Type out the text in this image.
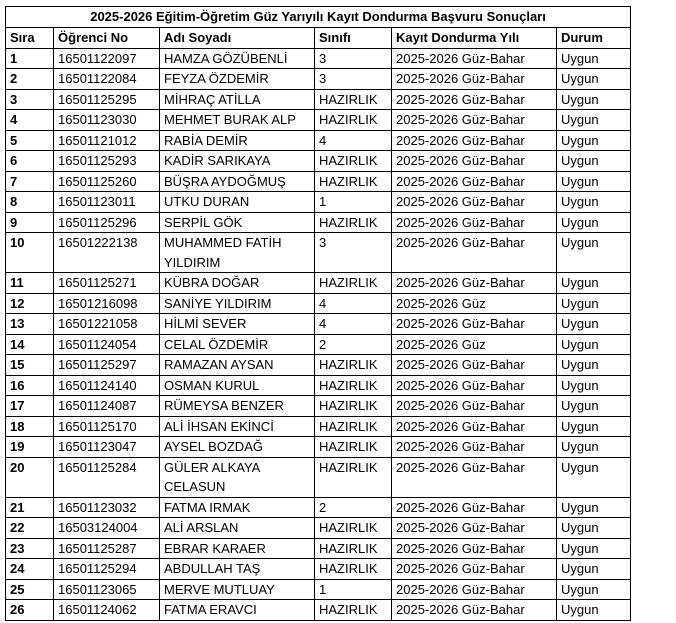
2025-2026 Eğitim-Öğretim Güz Yarıyılı Kayıt Dondurma Başvuru Sonuçları					
Sıra	Öğrenci No	Adı Soyadı	Sınıfı	Kayıt Dondurma Yılı	Durum
1	16501122097	HAMZA GÖZÜBENLİ	3	2025-2026 Güz-Bahar	Uygun
2	16501122084	FEYZA ÖZDEMİR	3	2025-2026 Güz-Bahar	Uygun
3	16501125295	MİHRAÇ ATİLLA	HAZIRLIK	2025-2026 Güz-Bahar	Uygun
4	16501123030	MEHMET BURAK ALP	HAZIRLIK	2025-2026 Güz-Bahar	Uygun
5	16501121012	RABİA DEMİR	4	2025-2026 Güz-Bahar	Uygun
6	16501125293	KADİR SARIKAYA	HAZIRLIK	2025-2026 Güz-Bahar	Uygun
7	16501125260	BÜŞRA AYDOĞMUŞ	HAZIRLIK	2025-2026 Güz-Bahar	Uygun
8	16501123011	UTKU DURAN	1	2025-2026 Güz-Bahar	Uygun
9	16501125296	SERPİL GÖK	HAZIRLIK	2025-2026 Güz-Bahar	Uygun
10	16501222138	MUHAMMED FATİH YILDIRIM	3	2025-2026 Güz-Bahar	Uygun
11	16501125271	KÜBRA DOĞAR	HAZIRLIK	2025-2026 Güz-Bahar	Uygun
12	16501216098	SANİYE YILDIRIM	4	2025-2026 Güz	Uygun
13	16501221058	HİLMİ SEVER	4	2025-2026 Güz-Bahar	Uygun
14	16501124054	CELAL ÖZDEMİR	2	2025-2026 Güz	Uygun
15	16501125297	RAMAZAN AYSAN	HAZIRLIK	2025-2026 Güz-Bahar	Uygun
16	16501124140	OSMAN KURUL	HAZIRLIK	2025-2026 Güz-Bahar	Uygun
17	16501124087	RÜMEYSA BENZER	HAZIRLIK	2025-2026 Güz-Bahar	Uygun
18	16501125170	ALİ İHSAN EKİNCİ	HAZIRLIK	2025-2026 Güz-Bahar	Uygun
19	16501123047	AYSEL BOZDAĞ	HAZIRLIK	2025-2026 Güz-Bahar	Uygun
20	16501125284	GÜLER ALKAYA CELASUN	HAZIRLIK	2025-2026 Güz-Bahar	Uygun
21	16501123032	FATMA IRMAK	2	2025-2026 Güz-Bahar	Uygun
22	16503124004	ALİ ARSLAN	HAZIRLIK	2025-2026 Güz-Bahar	Uygun
23	16501125287	EBRAR KARAER	HAZIRLIK	2025-2026 Güz-Bahar	Uygun
24	16501125294	ABDULLAH TAŞ	HAZIRLIK	2025-2026 Güz-Bahar	Uygun
25	16501123065	MERVE MUTLUAY	1	2025-2026 Güz-Bahar	Uygun
26	16501124062	FATMA ERAVCI	HAZIRLIK	2025-2026 Güz-Bahar	Uygun
